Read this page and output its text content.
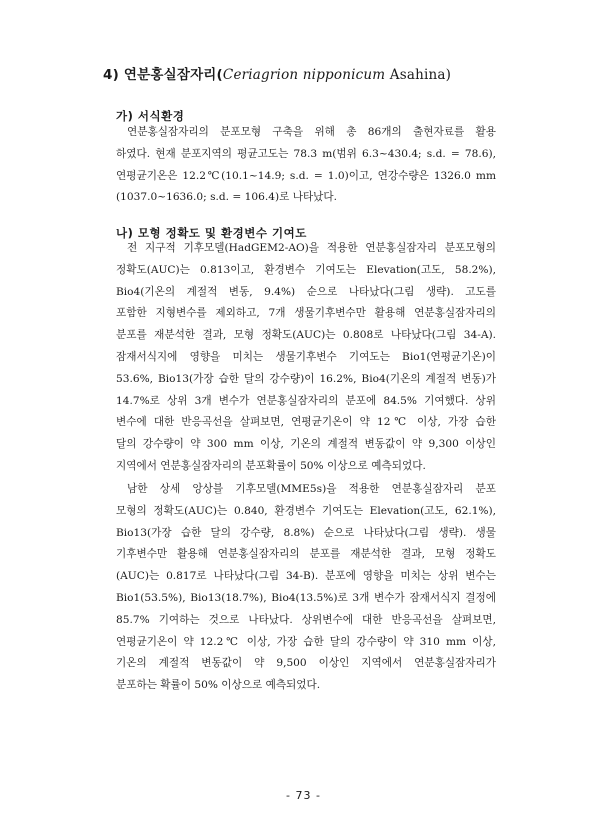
4) 연분홍실잠자리(Ceriagrion nipponicum Asahina)
가) 서식환경
연분홍실잠자리의 분포모형 구축을 위해 총 86개의 출현자료를 활용
하였다. 현재 분포지역의 평균고도는 78.3 m(범위 6.3~430.4; s.d. = 78.6),
연평균기온은 12.2℃(10.1~14.9; s.d. = 1.0)이고, 연강수량은 1326.0 mm
(1037.0~1636.0; s.d. = 106.4)로 나타났다.
나) 모형 정확도 및 환경변수 기여도
전 지구적 기후모델(HadGEM2-AO)을 적용한 연분홍실잠자리 분포모형의
정확도(AUC)는 0.813이고, 환경변수 기여도는 Elevation(고도, 58.2%),
Bio4(기온의 계절적 변동, 9.4%) 순으로 나타났다(그림 생략). 고도를
포함한 지형변수를 제외하고, 7개 생물기후변수만 활용해 연분홍실잠자리의
분포를 재분석한 결과, 모형 정확도(AUC)는 0.808로 나타났다(그림 34-A).
잠재서식지에 영향을 미치는 생물기후변수 기여도는 Bio1(연평균기온)이
53.6%, Bio13(가장 습한 달의 강수량)이 16.2%, Bio4(기온의 계절적 변동)가
14.7%로 상위 3개 변수가 연분홍실잠자리의 분포에 84.5% 기여했다. 상위
변수에 대한 반응곡선을 살펴보면, 연평균기온이 약 12℃ 이상, 가장 습한
달의 강수량이 약 300 mm 이상, 기온의 계절적 변동값이 약 9,300 이상인
지역에서 연분홍실잠자리의 분포확률이 50% 이상으로 예측되었다.
남한 상세 앙상블 기후모델(MME5s)을 적용한 연분홍실잠자리 분포
모형의 정확도(AUC)는 0.840, 환경변수 기여도는 Elevation(고도, 62.1%),
Bio13(가장 습한 달의 강수량, 8.8%) 순으로 나타났다(그림 생략). 생물
기후변수만 활용해 연분홍실잠자리의 분포를 재분석한 결과, 모형 정확도
(AUC)는 0.817로 나타났다(그림 34-B). 분포에 영향을 미치는 상위 변수는
Bio1(53.5%), Bio13(18.7%), Bio4(13.5%)로 3개 변수가 잠재서식지 결정에
85.7% 기여하는 것으로 나타났다. 상위변수에 대한 반응곡선을 살펴보면,
연평균기온이 약 12.2℃ 이상, 가장 습한 달의 강수량이 약 310 mm 이상,
기온의 계절적 변동값이 약 9,500 이상인 지역에서 연분홍실잠자리가
분포하는 확률이 50% 이상으로 예측되었다.
- 73 -
